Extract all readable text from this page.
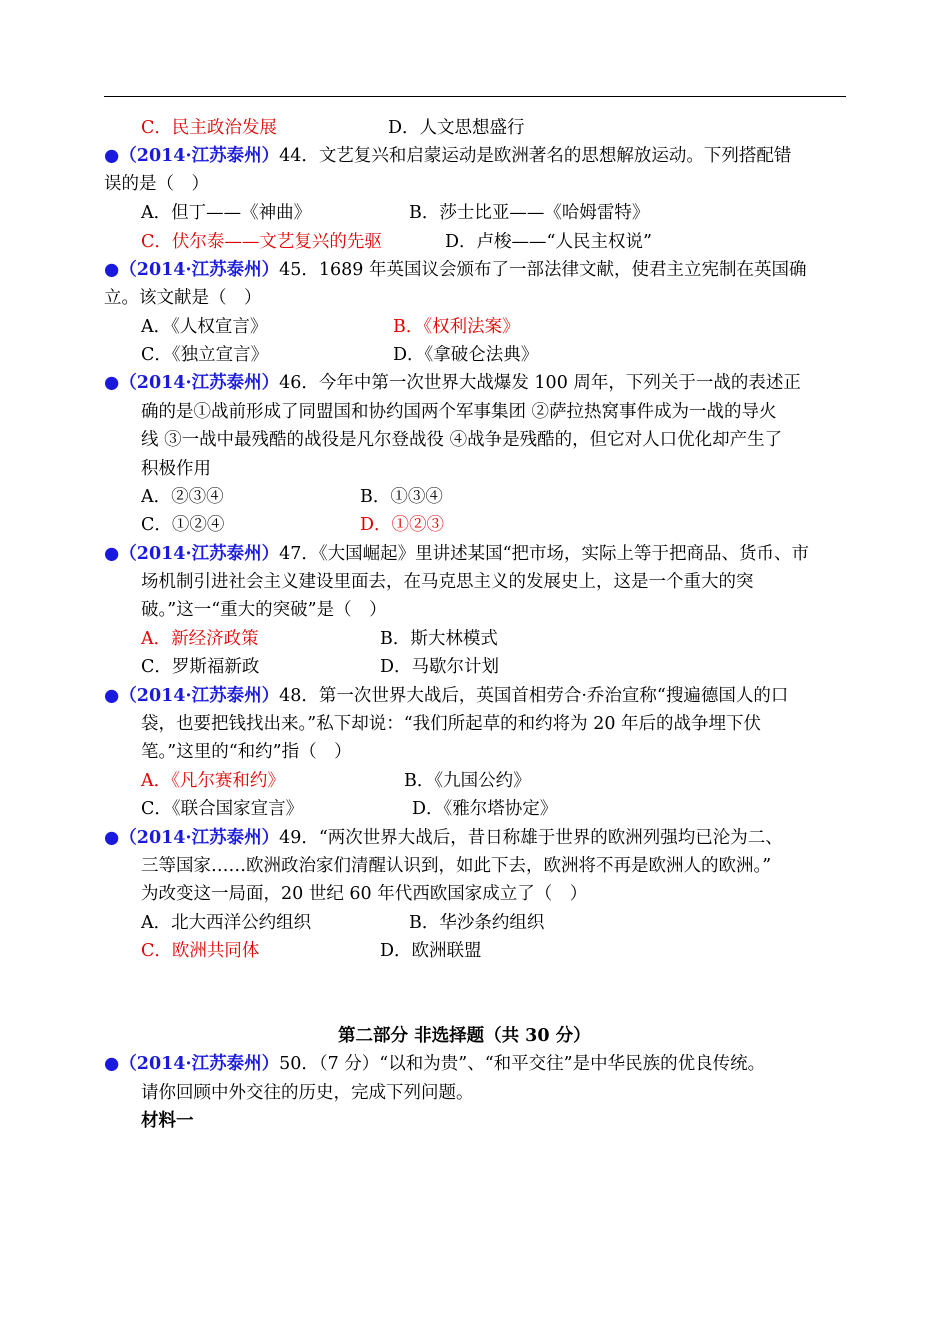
C．民主政治发展	D．人文思想盛行
●（2014·江苏泰州）44．文艺复兴和启蒙运动是欧洲著名的思想解放运动。下列搭配错
误的是（　）
A．但丁——《神曲》	B．莎士比亚——《哈姆雷特》
C．伏尔泰——文艺复兴的先驱	D．卢梭——“人民主权说”
●（2014·江苏泰州）45．1689 年英国议会颁布了一部法律文献，使君主立宪制在英国确
立。该文献是（　）
A．《人权宣言》	B．《权利法案》
C．《独立宣言》	D．《拿破仑法典》
●（2014·江苏泰州）46．今年中第一次世界大战爆发 100 周年，下列关于一战的表述正
确的是①战前形成了同盟国和协约国两个军事集团 ②萨拉热窝事件成为一战的导火
线 ③一战中最残酷的战役是凡尔登战役 ④战争是残酷的，但它对人口优化却产生了
积极作用
A．②③④	B．①③④
C．①②④	D．①②③
●（2014·江苏泰州）47．《大国崛起》里讲述某国“把市场，实际上等于把商品、货币、市
场机制引进社会主义建设里面去，在马克思主义的发展史上，这是一个重大的突
破。”这一“重大的突破”是（　）
A．新经济政策	B．斯大林模式
C．罗斯福新政	D．马歇尔计划
●（2014·江苏泰州）48．第一次世界大战后，英国首相劳合·乔治宣称“搜遍德国人的口
袋，也要把钱找出来。”私下却说：“我们所起草的和约将为 20 年后的战争埋下伏
笔。”这里的“和约”指（　）
A．《凡尔赛和约》	B．《九国公约》
C．《联合国家宣言》	D．《雅尔塔协定》
●（2014·江苏泰州）49．“两次世界大战后，昔日称雄于世界的欧洲列强均已沦为二、
三等国家……欧洲政治家们清醒认识到，如此下去，欧洲将不再是欧洲人的欧洲。”
为改变这一局面，20 世纪 60 年代西欧国家成立了（　）
A．北大西洋公约组织	B．华沙条约组织
C．欧洲共同体	D．欧洲联盟
第二部分 非选择题（共 30 分）
●（2014·江苏泰州）50．（7 分）“以和为贵”、“和平交往”是中华民族的优良传统。
请你回顾中外交往的历史，完成下列问题。
材料一
